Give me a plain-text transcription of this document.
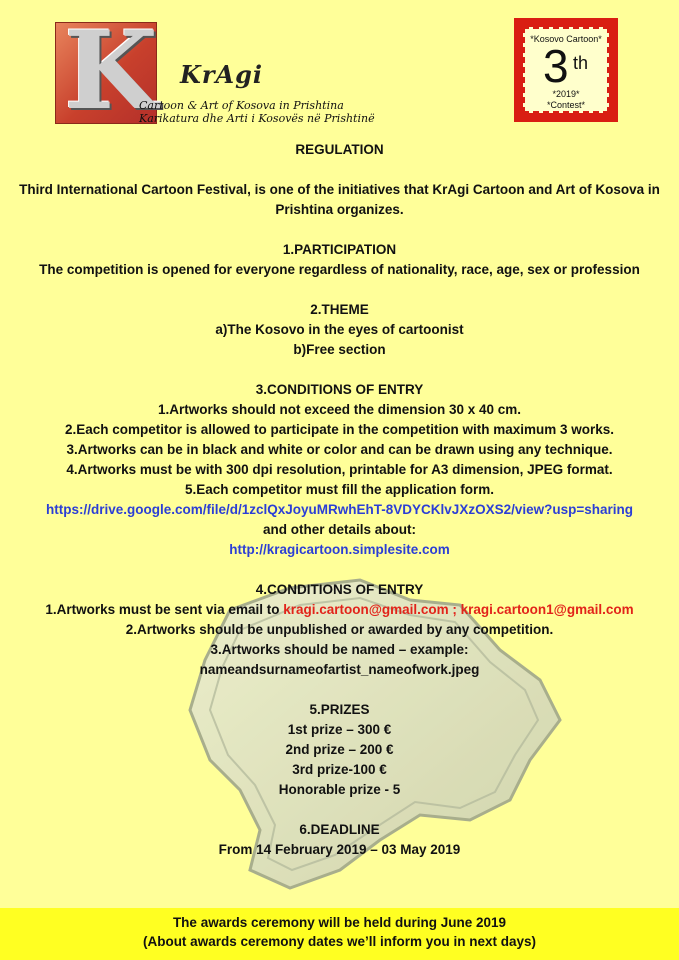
K KrAgi
Cartoon & Art of Kosova in Prishtina
Karikatura dhe Arti i Kosovës në Prishtinë
*Kosovo Cartoon*
3 th
*2019*
*Contest*

REGULATION

Third International Cartoon Festival, is one of the initiatives that KrAgi Cartoon and Art of Kosova in

Prishtina organizes.

1.PARTICIPATION

The competition is opened for everyone regardless of nationality, race, age, sex or profession

2.THEME

a)The Kosovo in the eyes of cartoonist

b)Free section

3.CONDITIONS OF ENTRY

1.Artworks should not exceed the dimension 30 x 40 cm.

2.Each competitor is allowed to participate in the competition with maximum 3 works.

3.Artworks can be in black and white or color and can be drawn using any technique.

4.Artworks must be with 300 dpi resolution, printable for A3 dimension, JPEG format.

5.Each competitor must fill the application form.

https://drive.google.com/file/d/1zclQxJoyuMRwhEhT-8VDYCKlvJXzOXS2/view?usp=sharing

and other details about:

http://kragicartoon.simplesite.com

4.CONDITIONS OF ENTRY

1.Artworks must be sent via email to kragi.cartoon@gmail.com ; kragi.cartoon1@gmail.com

2.Artworks should be unpublished or awarded by any competition.

3.Artworks should be named – example:

nameandsurnameofartist_nameofwork.jpeg

5.PRIZES

1st prize – 300 €

2nd prize – 200 €

3rd prize-100 €

Honorable prize - 5

6.DEADLINE

From 14 February 2019 – 03 May 2019

The awards ceremony will be held during June 2019

(About awards ceremony dates we’ll inform you in next days)
